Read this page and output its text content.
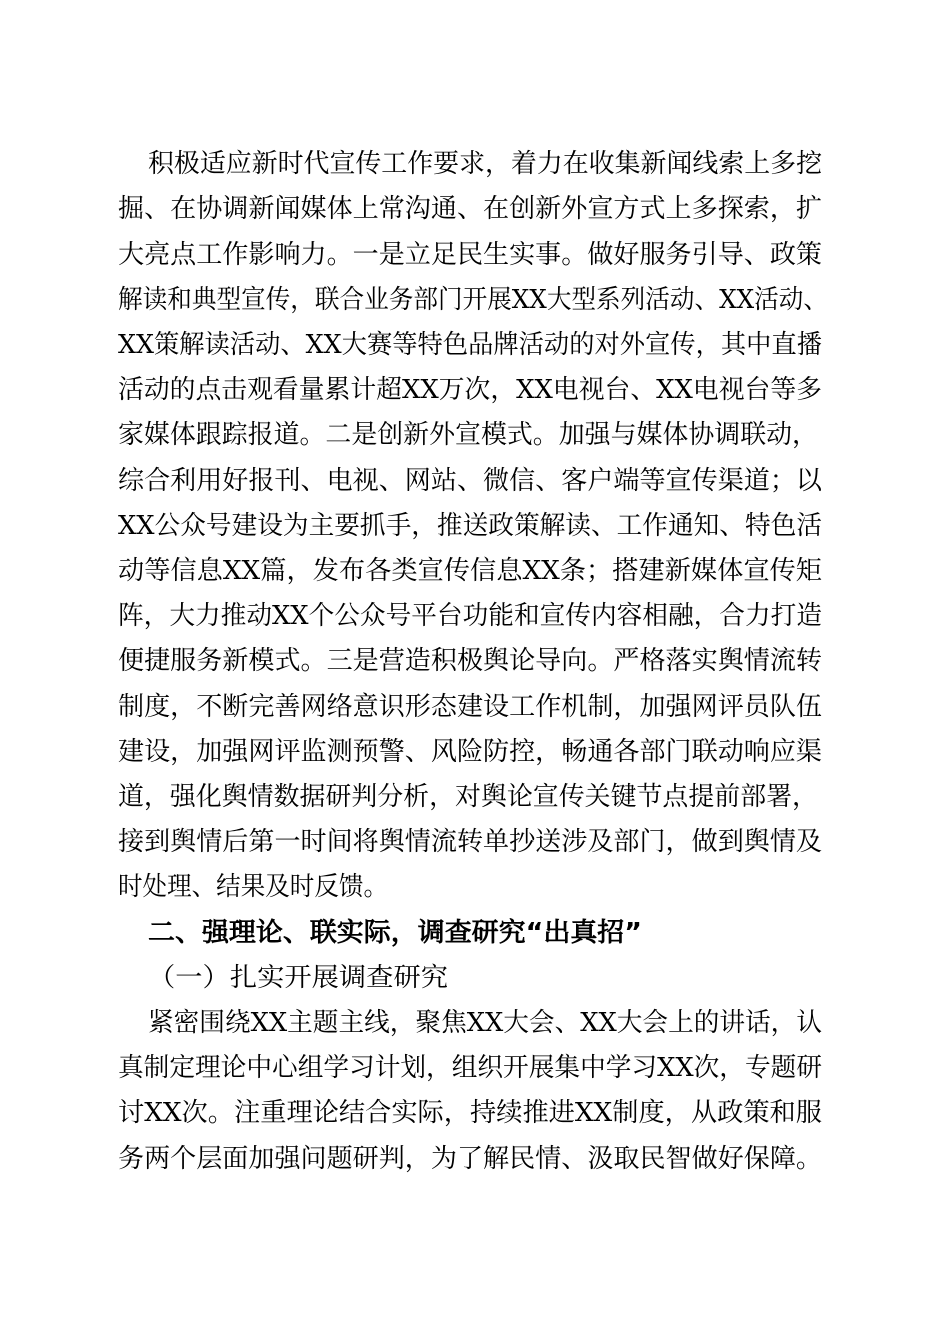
积极适应新时代宣传工作要求，着力在收集新闻线索上多挖
掘、在协调新闻媒体上常沟通、在创新外宣方式上多探索，扩
大亮点工作影响力。一是立足民生实事。做好服务引导、政策
解读和典型宣传，联合业务部门开展XX大型系列活动、XX活动、
XX策解读活动、XX大赛等特色品牌活动的对外宣传，其中直播
活动的点击观看量累计超XX万次，XX电视台、XX电视台等多
家媒体跟踪报道。二是创新外宣模式。加强与媒体协调联动，
综合利用好报刊、电视、网站、微信、客户端等宣传渠道；以
XX公众号建设为主要抓手，推送政策解读、工作通知、特色活
动等信息XX篇，发布各类宣传信息XX条；搭建新媒体宣传矩
阵，大力推动XX个公众号平台功能和宣传内容相融，合力打造
便捷服务新模式。三是营造积极舆论导向。严格落实舆情流转
制度，不断完善网络意识形态建设工作机制，加强网评员队伍
建设，加强网评监测预警、风险防控，畅通各部门联动响应渠
道，强化舆情数据研判分析，对舆论宣传关键节点提前部署，
接到舆情后第一时间将舆情流转单抄送涉及部门，做到舆情及
时处理、结果及时反馈。
二、强理论、联实际，调查研究“出真招”
（一）扎实开展调查研究
紧密围绕XX主题主线，聚焦XX大会、XX大会上的讲话，认
真制定理论中心组学习计划，组织开展集中学习XX次，专题研
讨XX次。注重理论结合实际，持续推进XX制度，从政策和服
务两个层面加强问题研判，为了解民情、汲取民智做好保障。
